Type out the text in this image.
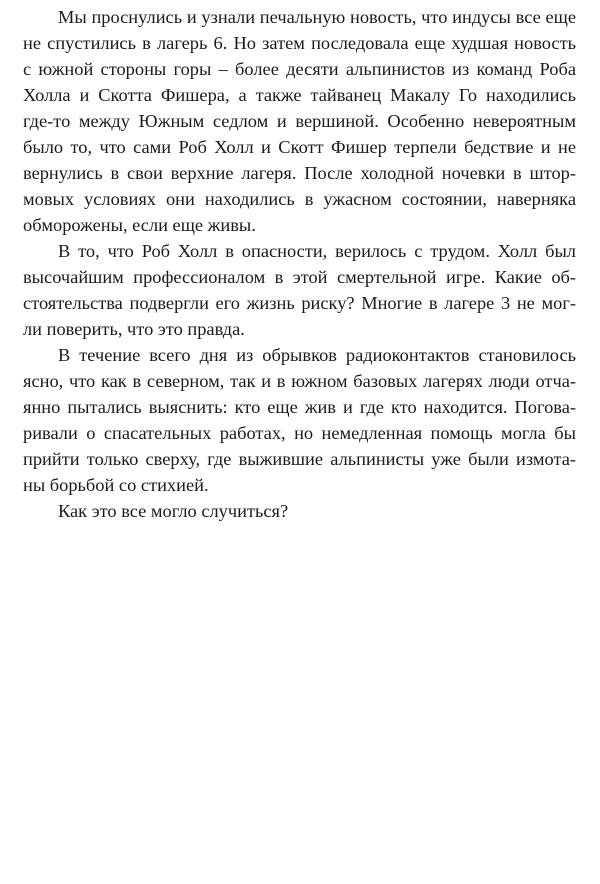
Мы проснулись и узнали печальную новость, что индусы все еще
не спустились в лагерь 6. Но затем последовала еще худшая новость
с южной стороны горы – более десяти альпинистов из команд Роба
Холла и Скотта Фишера, а также тайванец Макалу Го находились
где-то между Южным седлом и вершиной. Особенно невероятным
было то, что сами Роб Холл и Скотт Фишер терпели бедствие и не
вернулись в свои верхние лагеря. После холодной ночевки в штор-
мовых условиях они находились в ужасном состоянии, наверняка
обморожены, если еще живы.
В то, что Роб Холл в опасности, верилось с трудом. Холл был
высочайшим профессионалом в этой смертельной игре. Какие об-
стоятельства подвергли его жизнь риску? Многие в лагере 3 не мог-
ли поверить, что это правда.
В течение всего дня из обрывков радиоконтактов становилось
ясно, что как в северном, так и в южном базовых лагерях люди отча-
янно пытались выяснить: кто еще жив и где кто находится. Погова-
ривали о спасательных работах, но немедленная помощь могла бы
прийти только сверху, где выжившие альпинисты уже были измота-
ны борьбой со стихией.
Как это все могло случиться?
